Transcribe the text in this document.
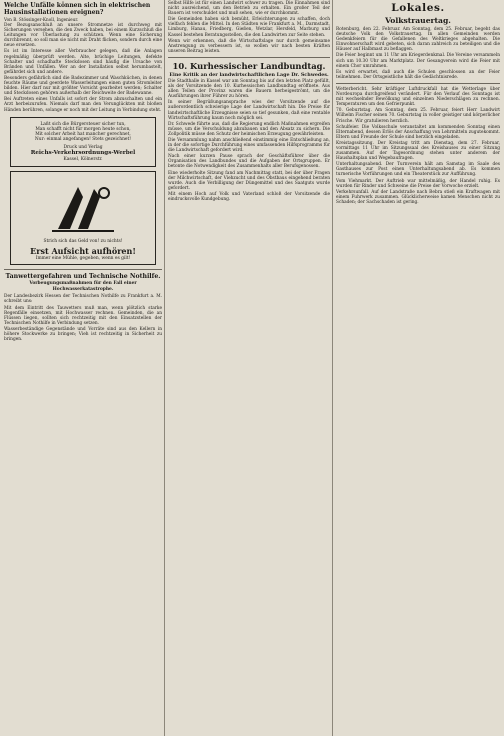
Welche Unfälle können sich in elektrischen Hausinstallationen ereignen?
Von B. Stössinger-Knoll, Ingenieur.

Der Bezugsanschluß an unsere Stromnetze ist durchweg mit Sicherungen versehen, die den Zweck haben, bei einem Kurzschluß die Leitungen vor Überlastung zu schützen. Wenn eine Sicherung durchbrennt, so soll man sie nicht mit Draht flicken, sondern durch eine neue ersetzen.

Es ist im Interesse aller Verbraucher gelegen, daß die Anlagen regelmäßig überprüft werden. Alte, brüchige Leitungen, defekte Schalter und schadhafte Steckdosen sind häufig die Ursache von Bränden und Unfällen. Wer an der Installation selbst herumbastelt, gefährdet sich und andere.

Besonders gefährlich sind die Badezimmer und Waschküchen, in denen feuchte Räume und geerdete Wasserleitungen einen guten Stromleiter bilden. Hier darf nur mit größter Vorsicht gearbeitet werden; Schalter und Steckdosen gehören außerhalb der Reichweite der Badewanne.

Bei Auftreten eines Unfalls ist sofort der Strom abzuschalten und ein Arzt herbeizurufen. Niemals darf man den Verunglückten mit bloßen Händen berühren, solange er noch mit der Leitung in Verbindung steht.

Laßt sich die Bürgersteuer sicher tun,
Man schafft nicht für morgen heute schon,
Mit solcher Arbeit hat mancher gerechnet,
Nur: einmal angefangen! Stets gezeichnet!
Druck und Verlag
Reichs-Verkehrsordnungs-Werbel
Kassel, Kölnerstr.
Strich sich das Geld von! zu nichts!
Erst Aufsicht aufhören!
Immer eine Mühle, gegeben, wenn es gilt!
Tanwettergefahren und Technische Nothilfe.
Vorbeugungsmaßnahmen für den Fall einer Hochwasserkatastrophe.

Der Landesbezirk Hessen der Technischen Nothilfe zu Frankfurt a. M. schreibt uns:

Mit dem Eintritt des Tauwetters muß man, wenn plötzlich starke Regenfälle einsetzen, mit Hochwasser rechnen. Gemeinden, die an Flüssen liegen, sollten sich rechtzeitig mit den Einsatzstellen der Technischen Nothilfe in Verbindung setzen.

Wasserbeständige Gegenstände und Vorräte sind aus den Kellern in höhere Stockwerke zu bringen; Vieh ist rechtzeitig in Sicherheit zu bringen.

Selbst Hilfe ist für einen Landwirt schwer zu tragen. Die Einnahmen sind nicht ausreichend, um den Betrieb zu erhalten. Ein großer Teil der Bauern ist verschuldet und muß sehen, wie er durchkommt.

Die Gemeinden haben sich bemüht, Erleichterungen zu schaffen, doch vielfach fehlen die Mittel. In den Städten wie Frankfurt a. M., Darmstadt, Limburg, Hanau, Friedberg, Gießen, Wetzlar, Hersfeld, Marburg und Kassel bestehen Beratungsstellen, die den Landwirten zur Seite stehen.

Wenn wir erkennen, daß die Wirtschaftslage nur durch gemeinsame Anstrengung zu verbessern ist, so wollen wir nach besten Kräften unseren Beitrag leisten.

10. Kurhessischer Landbundtag.
Eine Kritik an der landwirtschaftlichen Lage Dr. Schwedes.

Die Stadthalle in Kassel war am Sonntag bis auf den letzten Platz gefüllt, als der Vorsitzende den 10. Kurhessischen Landbundtag eröffnete. Aus allen Teilen der Provinz waren die Bauern herbeigeströmt, um die Ausführungen ihrer Führer zu hören.

In seiner Begrüßungsansprache wies der Vorsitzende auf die außerordentlich schwierige Lage der Landwirtschaft hin. Die Preise für landwirtschaftliche Erzeugnisse seien so tief gesunken, daß eine rentable Wirtschaftsführung kaum noch möglich sei.

Dr. Schwede führte aus, daß die Regierung endlich Maßnahmen ergreifen müsse, um die Verschuldung abzubauen und den Absatz zu sichern. Die Zollpolitik müsse den Schutz der heimischen Erzeugung gewährleisten.

Die Versammlung nahm anschließend einstimmig eine Entschließung an, in der die sofortige Durchführung eines umfassenden Hilfsprogramms für die Landwirtschaft gefordert wird.

Nach einer kurzen Pause sprach der Geschäftsführer über die Organisation des Landbundes und die Aufgaben der Ortsgruppen. Er betonte die Notwendigkeit des Zusammenhalts aller Berufsgenossen.

Eine wiederholte Sitzung fand am Nachmittag statt, bei der über Fragen der Milchwirtschaft, der Viehzucht und des Obstbaus eingehend beraten wurde. Auch die Verbilligung der Düngemittel und des Saatguts wurde gefordert.

Mit einem Hoch auf Volk und Vaterland schloß der Vorsitzende die eindrucksvolle Kundgebung.

Lokales.
Volkstrauertag.

Rotenburg, den 22. Februar. Am Sonntag, dem 25. Februar, begeht das deutsche Volk den Volkstrauertag. In allen Gemeinden werden Gedenkfeiern für die Gefallenen des Weltkrieges abgehalten. Die Einwohnerschaft wird gebeten, sich daran zahlreich zu beteiligen und die Häuser auf Halbmast zu beflaggen.

Die Feier beginnt um 11 Uhr am Kriegerdenkmal. Die Vereine versammeln sich um 10.30 Uhr am Marktplatz. Der Gesangverein wird die Feier mit einem Chor umrahmen.

Es wird erwartet, daß auch die Schulen geschlossen an der Feier teilnehmen. Der Ortsgeistliche hält die Gedächtnisrede.

Wetterbericht. Sehr kräftiger Luftdruckfall hat die Wetterlage über Nordeuropa durchgreifend verändert. Für den Verlauf des Sonntags ist mit wechselnder Bewölkung und einzelnen Niederschlägen zu rechnen. Temperaturen um den Gefrierpunkt.

70. Geburtstag. Am Sonntag, dem 25. Februar, feiert Herr Landwirt Wilhelm Fischer seinen 70. Geburtstag in voller geistiger und körperlicher Frische. Wir gratulieren herzlich.

Schulfeier. Die Volksschule veranstaltet am kommenden Sonntag einen Elternabend, dessen Erlös der Anschaffung von Lehrmitteln zugutekommt. Eltern und Freunde der Schule sind herzlich eingeladen.

Kreistagssitzung. Der Kreistag tritt am Dienstag, dem 27. Februar, vormittags 11 Uhr im Sitzungssaal des Kreishauses zu einer Sitzung zusammen. Auf der Tagesordnung stehen unter anderem der Haushaltsplan und Wegebaufragen.

Unterhaltungsabend. Der Turnverein hält am Samstag im Saale des Gasthauses zur Post einen Unterhaltungsabend ab. Es kommen turnerische Vorführungen und ein Theaterstück zur Aufführung.

Vom Viehmarkt. Der Auftrieb war mittelmäßig, der Handel ruhig. Es wurden für Rinder und Schweine die Preise der Vorwoche erzielt.

Verkehrsunfall. Auf der Landstraße nach Bebra stieß ein Kraftwagen mit einem Fuhrwerk zusammen. Glücklicherweise kamen Menschen nicht zu Schaden; der Sachschaden ist gering.
